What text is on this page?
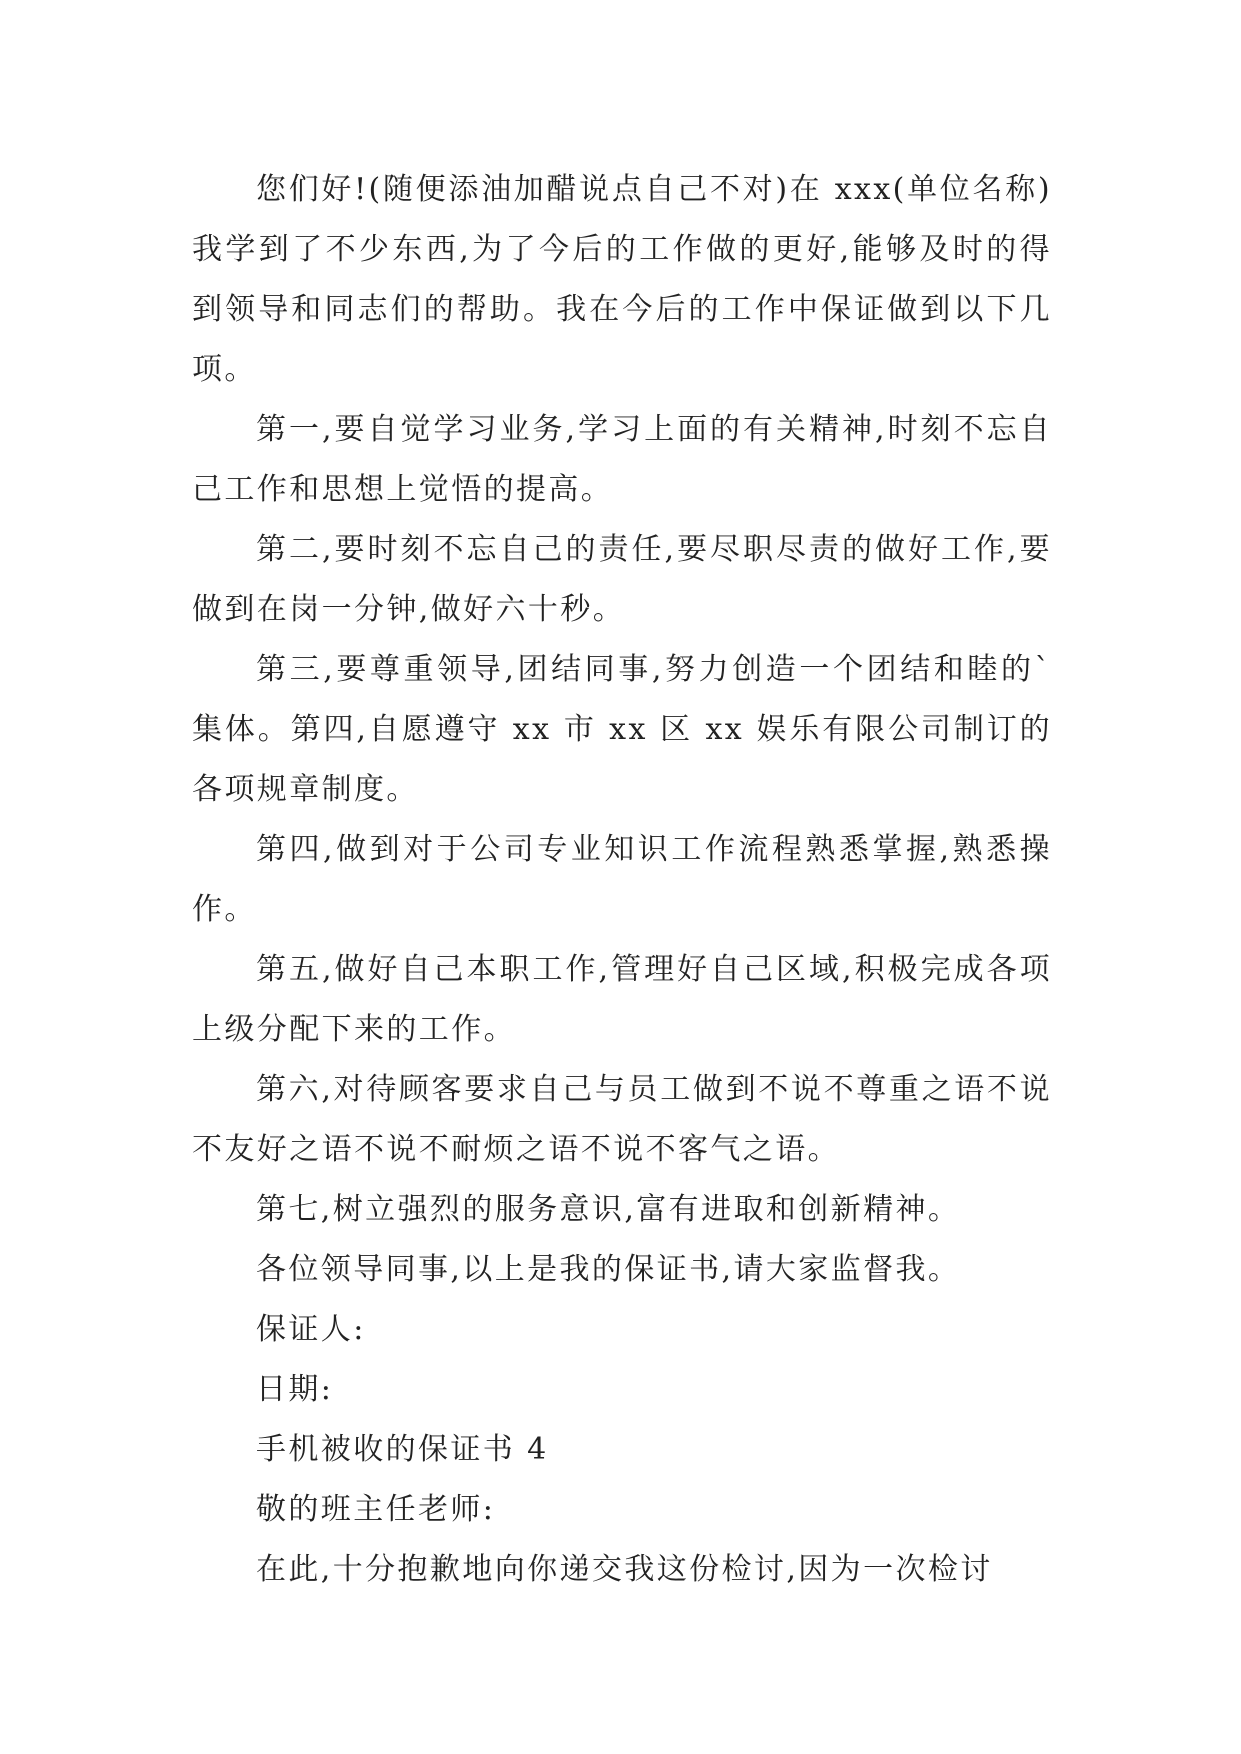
您们好!(随便添油加醋说点自己不对)在 xxx(单位名称)我学到了不少东西,为了今后的工作做的更好,能够及时的得到领导和同志们的帮助。我在今后的工作中保证做到以下几项。

第一,要自觉学习业务,学习上面的有关精神,时刻不忘自己工作和思想上觉悟的提高。

第二,要时刻不忘自己的责任,要尽职尽责的做好工作,要做到在岗一分钟,做好六十秒。

第三,要尊重领导,团结同事,努力创造一个团结和睦的`集体。第四,自愿遵守 xx 市 xx 区 xx 娱乐有限公司制订的各项规章制度。

第四,做到对于公司专业知识工作流程熟悉掌握,熟悉操作。

第五,做好自己本职工作,管理好自己区域,积极完成各项上级分配下来的工作。

第六,对待顾客要求自己与员工做到不说不尊重之语不说不友好之语不说不耐烦之语不说不客气之语。

第七,树立强烈的服务意识,富有进取和创新精神。

各位领导同事,以上是我的保证书,请大家监督我。

保证人:

日期:

手机被收的保证书 4

敬的班主任老师:

在此,十分抱歉地向你递交我这份检讨,因为一次检讨
